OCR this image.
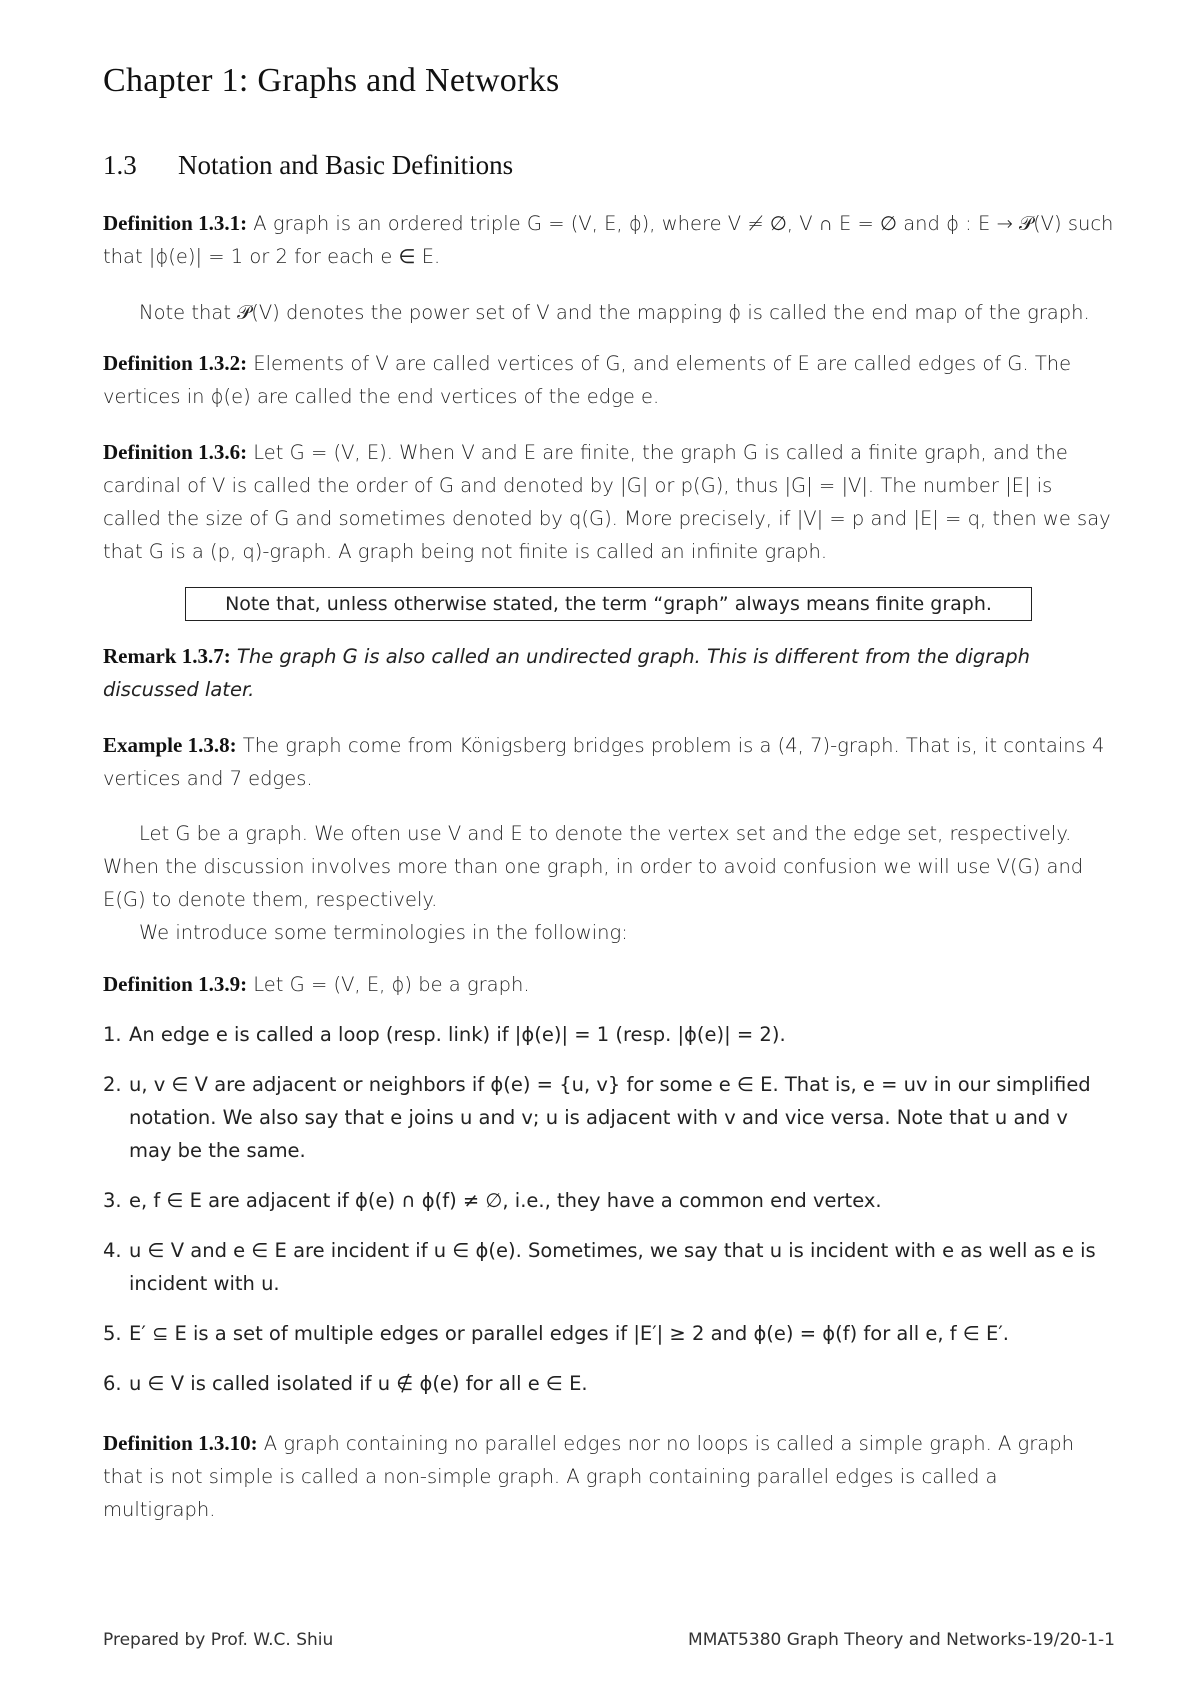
Chapter 1: Graphs and Networks
1.3 Notation and Basic Definitions

Definition 1.3.1: A graph is an ordered triple G = (V, E, ϕ), where V ≠ ∅, V ∩ E = ∅ and ϕ : E → 𝒫(V) such that |ϕ(e)| = 1 or 2 for each e ∈ E.

Note that 𝒫(V) denotes the power set of V and the mapping ϕ is called the end map of the graph.

Definition 1.3.2: Elements of V are called vertices of G, and elements of E are called edges of G. The vertices in ϕ(e) are called the end vertices of the edge e.

Definition 1.3.6: Let G = (V, E). When V and E are finite, the graph G is called a finite graph, and the cardinal of V is called the order of G and denoted by |G| or p(G), thus |G| = |V|. The number |E| is called the size of G and sometimes denoted by q(G). More precisely, if |V| = p and |E| = q, then we say that G is a (p, q)-graph. A graph being not finite is called an infinite graph.

Note that, unless otherwise stated, the term “graph” always means finite graph.

Remark 1.3.7: The graph G is also called an undirected graph. This is different from the digraph discussed later.

Example 1.3.8: The graph come from Königsberg bridges problem is a (4, 7)-graph. That is, it contains 4 vertices and 7 edges.

Let G be a graph. We often use V and E to denote the vertex set and the edge set, respectively. When the discussion involves more than one graph, in order to avoid confusion we will use V(G) and E(G) to denote them, respectively.

We introduce some terminologies in the following:

Definition 1.3.9: Let G = (V, E, ϕ) be a graph.

1. An edge e is called a loop (resp. link) if |ϕ(e)| = 1 (resp. |ϕ(e)| = 2).
2. u, v ∈ V are adjacent or neighbors if ϕ(e) = {u, v} for some e ∈ E. That is, e = uv in our simplified notation. We also say that e joins u and v; u is adjacent with v and vice versa. Note that u and v may be the same.
3. e, f ∈ E are adjacent if ϕ(e) ∩ ϕ(f) ≠ ∅, i.e., they have a common end vertex.
4. u ∈ V and e ∈ E are incident if u ∈ ϕ(e). Sometimes, we say that u is incident with e as well as e is incident with u.
5. E′ ⊆ E is a set of multiple edges or parallel edges if |E′| ≥ 2 and ϕ(e) = ϕ(f) for all e, f ∈ E′.
6. u ∈ V is called isolated if u ∉ ϕ(e) for all e ∈ E.

Definition 1.3.10: A graph containing no parallel edges nor no loops is called a simple graph. A graph that is not simple is called a non-simple graph. A graph containing parallel edges is called a multigraph.

Prepared by Prof. W.C. Shiu	MMAT5380 Graph Theory and Networks-19/20-1-1
